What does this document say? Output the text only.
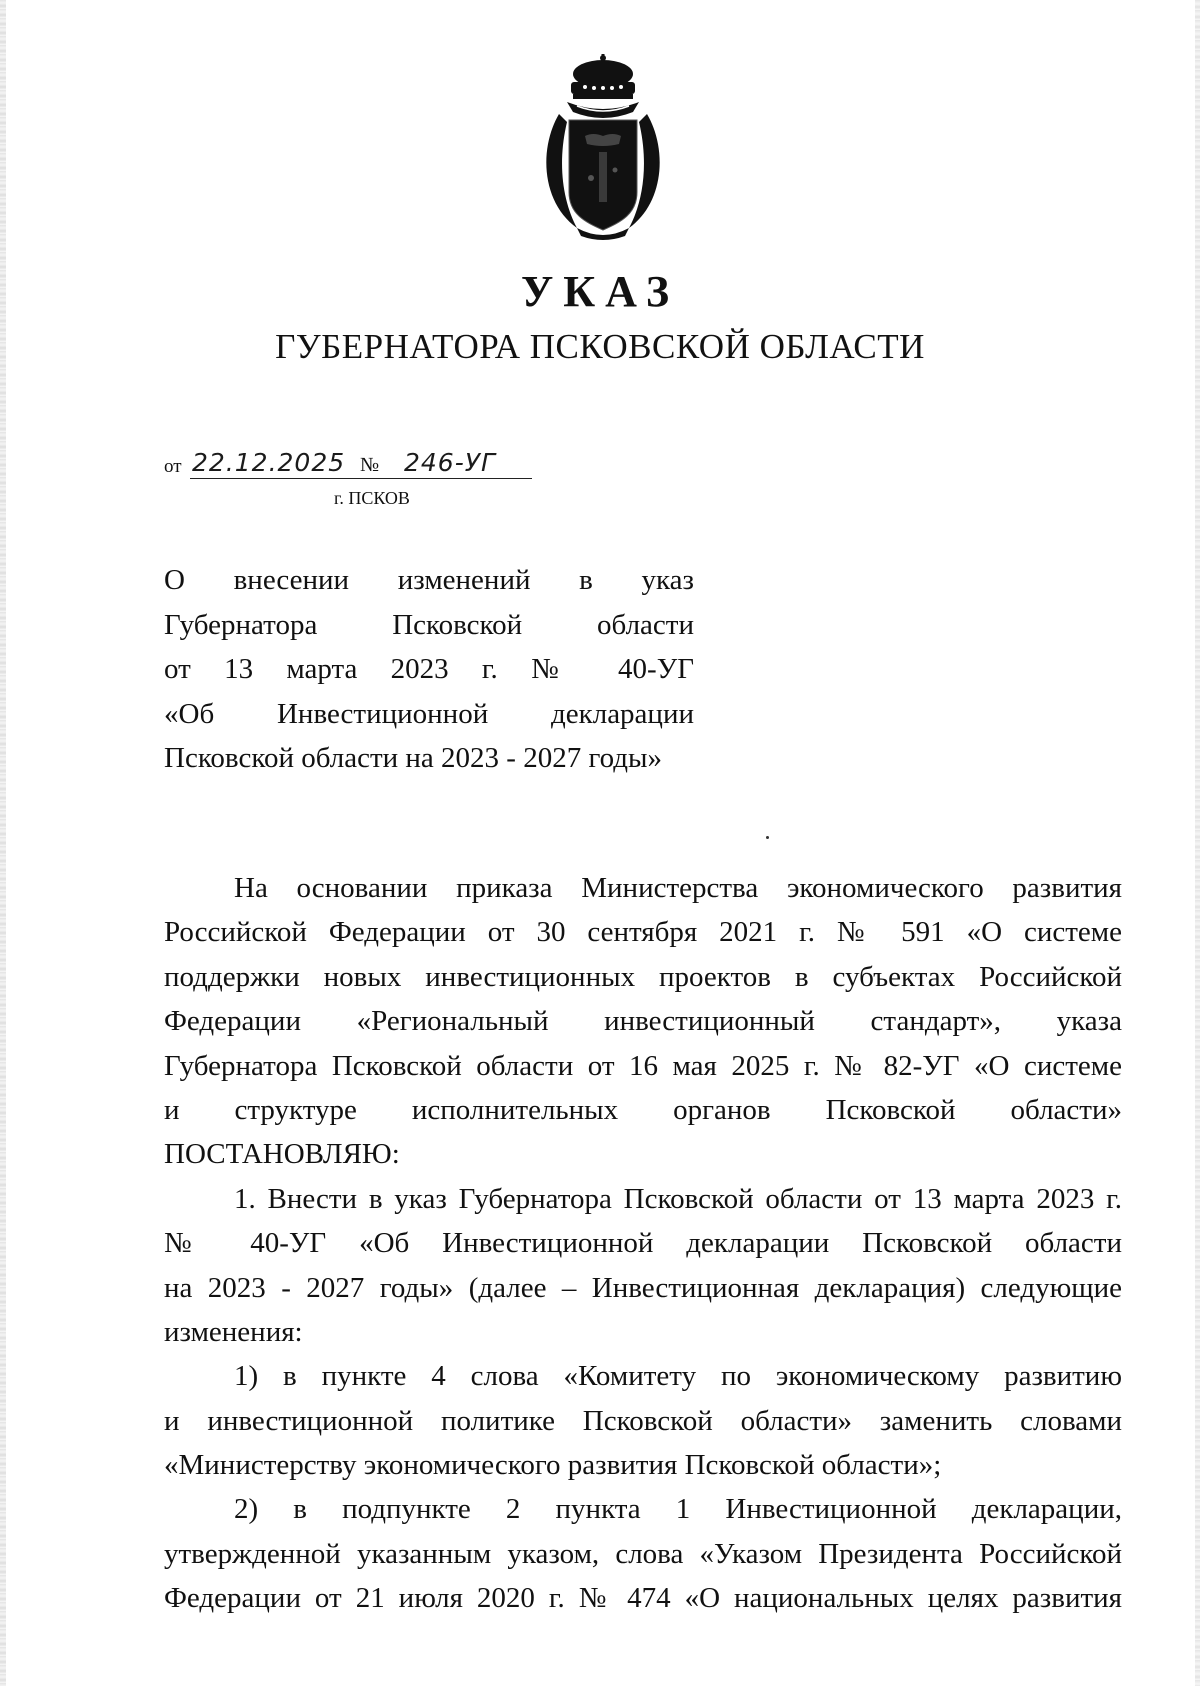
УКАЗ
ГУБЕРНАТОРА ПСКОВСКОЙ ОБЛАСТИ
от 22.12.2025 № 246-УГ
г. ПСКОВ
О внесении изменений в указ
Губернатора Псковской области
от 13 марта 2023 г. № 40-УГ
«Об Инвестиционной декларации
Псковской области на 2023 - 2027 годы»
На основании приказа Министерства экономического развития
Российской Федерации от 30 сентября 2021 г. № 591 «О системе
поддержки новых инвестиционных проектов в субъектах Российской
Федерации «Региональный инвестиционный стандарт», указа
Губернатора Псковской области от 16 мая 2025 г. № 82-УГ «О системе
и структуре исполнительных органов Псковской области»
ПОСТАНОВЛЯЮ:
1. Внести в указ Губернатора Псковской области от 13 марта 2023 г.
№ 40-УГ «Об Инвестиционной декларации Псковской области
на 2023 - 2027 годы» (далее – Инвестиционная декларация) следующие
изменения:
1) в пункте 4 слова «Комитету по экономическому развитию
и инвестиционной политике Псковской области» заменить словами
«Министерству экономического развития Псковской области»;
2) в подпункте 2 пункта 1 Инвестиционной декларации,
утвержденной указанным указом, слова «Указом Президента Российской
Федерации от 21 июля 2020 г. № 474 «О национальных целях развития
